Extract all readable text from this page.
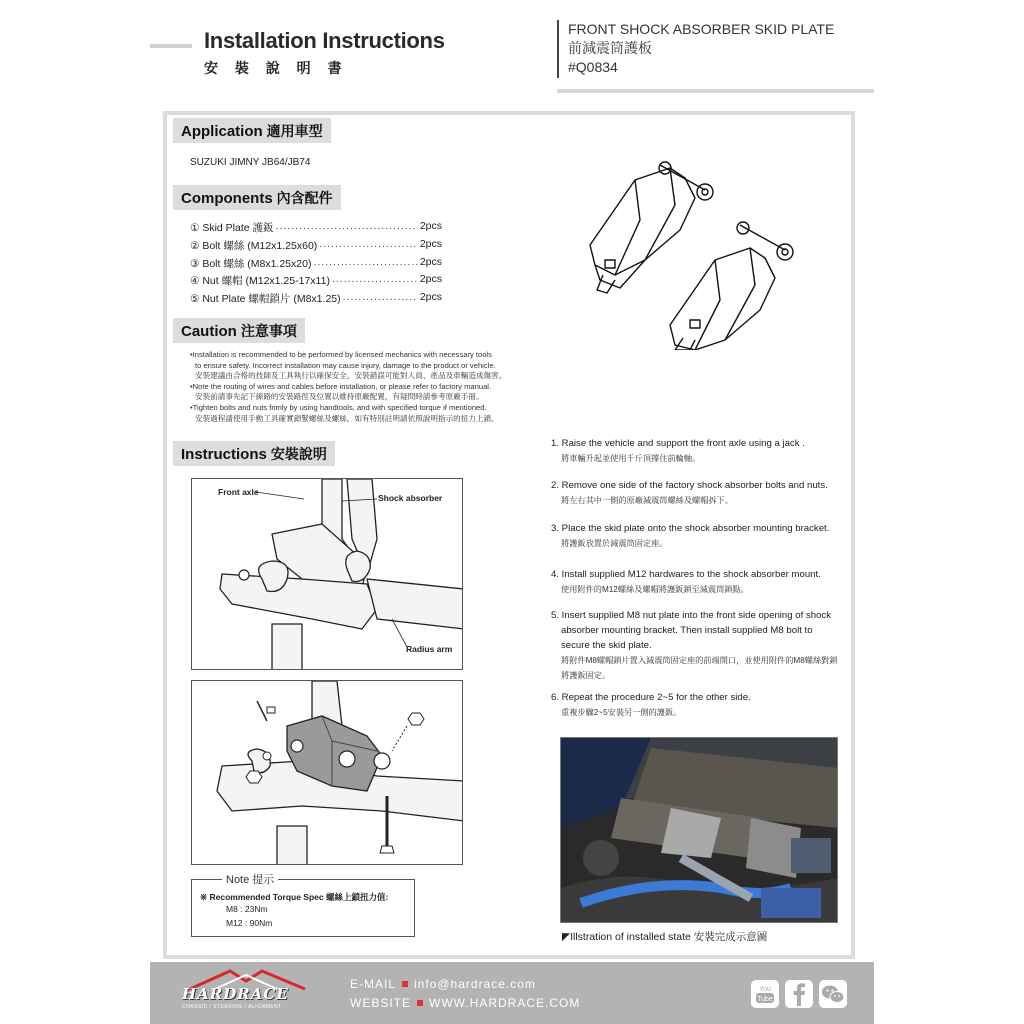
Installation Instructions
安 裝 說 明 書
FRONT SHOCK ABSORBER SKID PLATE
前減震筒護板
#Q0834
Application 適用車型
SUZUKI JIMNY JB64/JB74
Components 內含配件
① Skid Plate 護鈑 .....	2pcs
② Bolt 螺絲 (M12x1.25x60) .....	2pcs
③ Bolt 螺絲 (M8x1.25x20) .....	2pcs
④ Nut 螺帽 (M12x1.25-17x11) .....	2pcs
⑤ Nut Plate 螺帽鎖片 (M8x1.25) .....	2pcs
Caution 注意事項
•Installation is recommended to be performed by licensed mechanics with necessary tools
to ensure safety. Incorrect installation may cause injury, damage to the product or vehicle.
安裝建議由合格的技師及工具執行以確保安全，安裝錯誤可能對人員、產品及車輛造成傷害。
•Note the routing of wires and cables before installation, or please refer to factory manual.
安裝前請事先記下線路的安裝路徑及位置以維持原廠配置，有疑問時請參考原廠手冊。
•Tighten bolts and nuts frimly by using handtools, and with specified torque if mentioned.
安裝過程請使用手動工具確實鎖緊螺絲及螺絲，如有特別註明請依照說明指示的扭力上鎖。
Instructions 安裝說明
Front axle
Shock absorber
Radius arm
Note 提示
※ Recommended Torque Spec 螺絲上鎖扭力值:
M8 : 23Nm
M12 : 90Nm
1. Raise the vehicle and support the front axle using a jack .
將車輛升起並使用千斤頂撐住前輪軸。
2. Remove one side of the factory shock absorber bolts and nuts.
將左右其中一側的原廠減震筒螺絲及螺帽拆下。
3. Place the skid plate onto the shock absorber mounting bracket.
將護鈑放置於減震筒固定座。
4. Install supplied M12 hardwares to the shock absorber mount.
使用附件的M12螺絲及螺帽將護鈑鎖至減震筒鎖點。
5. Insert supplied M8 nut plate into the front side opening of shock absorber mounting bracket. Then install supplied M8 bolt to secure the skid plate.
將附件M8螺帽鎖片置入減震筒固定座的前端開口，並使用附件的M8螺絲對鎖將護鈑固定。
6. Repeat the procedure 2~5 for the other side.
重複步驟2~5安裝另一側的護鈑。
◤Illstration of installed state 安裝完成示意圖
HARDRACE
CHASSIS / STEERING / ALIGNMENT
E-MAIL info@hardrace.com
WEBSITE WWW.HARDRACE.COM
You
Tube
